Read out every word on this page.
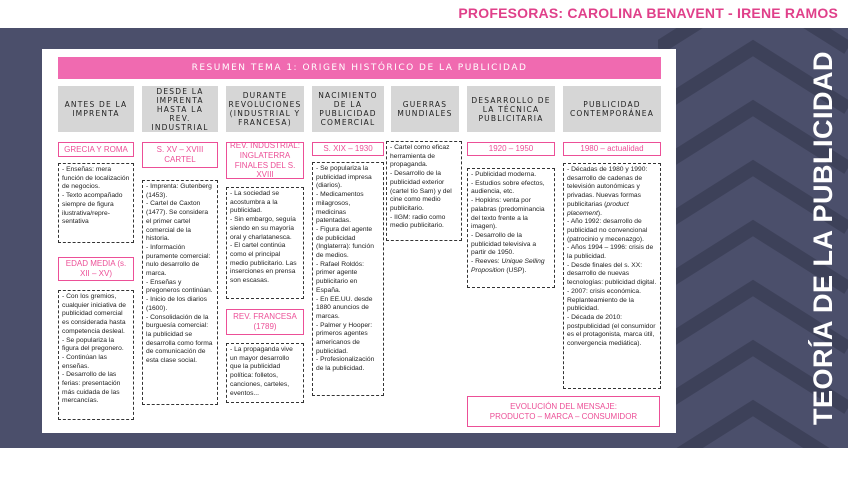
PROFESORAS: CAROLINA BENAVENT - IRENE RAMOS
TEORÍA DE LA PUBLICIDAD
RESUMEN TEMA 1: ORIGEN HISTÓRICO DE LA PUBLICIDAD
ANTES DE LA IMPRENTA
DESDE LA IMPRENTA HASTA LA REV. INDUSTRIAL
DURANTE REVOLUCIONES (INDUSTRIAL Y FRANCESA)
NACIMIENTO DE LA PUBLICIDAD COMERCIAL
GUERRAS MUNDIALES
DESARROLLO DE LA TÉCNICA PUBLICITARIA
PUBLICIDAD CONTEMPORÁNEA
GRECIA Y ROMA

- Enseñas: mera función de localización de negocios.

- Texto acompañado siempre de figura ilustrativa/repre-sentativa

EDAD MEDIA (s. XII – XV)

- Con los gremios, cualquier iniciativa de publicidad comercial es considerada hasta competencia desleal.

- Se populariza la figura del pregonero.

- Continúan las enseñas.

- Desarrollo de las ferias: presentación más cuidada de las mercancías.

S. XV – XVIII CARTEL

- Imprenta: Gutenberg (1453).

- Cartel de Caxton (1477). Se considera el primer cartel comercial de la historia.

- Información puramente comercial: nulo desarrollo de marca.

- Enseñas y pregoneros continúan.

- Inicio de los diarios (1600).

- Consolidación de la burguesía comercial: la publicidad se desarrolla como forma de comunicación de esta clase social.

REV. INDUSTRIAL: INGLATERRA FINALES DEL S. XVIII

- La sociedad se acostumbra a la publicidad.

- Sin embargo, seguía siendo en su mayoría oral y charlatanesca.

- El cartel continúa como el principal medio publicitario. Las inserciones en prensa son escasas.

REV. FRANCESA (1789)

- La propaganda vive un mayor desarrollo que la publicidad política: folletos, canciones, carteles, eventos...

S. XIX – 1930

- Se populariza la publicidad impresa (diarios).

- Medicamentos milagrosos, medicinas patentadas.

- Figura del agente de publicidad (Inglaterra): función de medios.

- Rafael Roldós: primer agente publicitario en España.

- En EE.UU. desde 1880 anuncios de marcas.

- Palmer y Hooper: primeros agentes americanos de publicidad.

- Profesionalización de la publicidad.

- Cartel como eficaz herramienta de propaganda.

- Desarrollo de la publicidad exterior (cartel tío Sam) y del cine como medio publicitario.

- IIGM: radio como medio publicitario.

1920 – 1950

- Publicidad moderna.

- Estudios sobre efectos, audiencia, etc.

- Hopkins: venta por palabras (predominancia del texto frente a la imagen).

- Desarrollo de la publicidad televisiva a partir de 1950.

- Reeves: Unique Selling Proposition (USP).

1980 – actualidad

- Décadas de 1980 y 1990: desarrollo de cadenas de televisión autonómicas y privadas. Nuevas formas publicitarias (product placement).

- Año 1992: desarrollo de publicidad no convencional (patrocinio y mecenazgo).

- Años 1994 – 1996: crisis de la publicidad.

- Desde finales del s. XX: desarrollo de nuevas tecnologías: publicidad digital.

- 2007: crisis económica. Replanteamiento de la publicidad.

- Década de 2010: postpublicidad (el consumidor es el protagonista, marca útil, convergencia mediática).

EVOLUCIÓN DEL MENSAJE:
PRODUCTO – MARCA – CONSUMIDOR
